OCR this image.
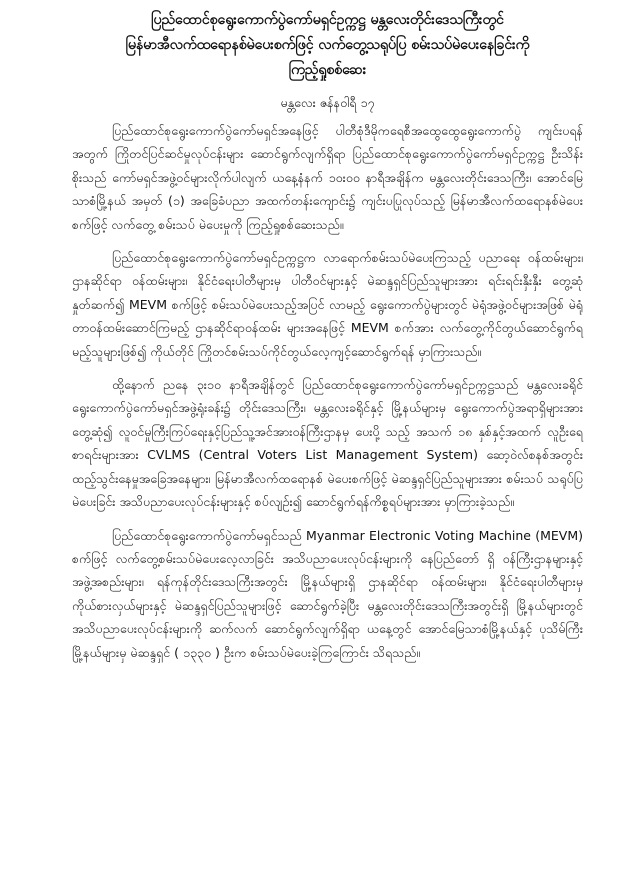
ပြည်ထောင်စုရွေးကောက်ပွဲကော်မရှင်ဥက္ကဋ္ဌ မန္တလေးတိုင်းဒေသကြီးတွင်

မြန်မာအီလက်ထရောနစ်မဲပေးစက်ဖြင့် လက်တွေ့သရုပ်ပြ စမ်းသပ်မဲပေးနေခြင်းကို

ကြည့်ရှုစစ်ဆေး

မန္တလေး ဇန်နဝါရီ ၁၇

ပြည်ထောင်စုရွေးကောက်ပွဲကော်မရှင်အနေဖြင့် ပါတီစုံဒီမိုကရေစီအထွေထွေရွေးကောက်ပွဲ ကျင်းပရန်အတွက် ကြိုတင်ပြင်ဆင်မှုလုပ်ငန်းများ ဆောင်ရွက်လျက်ရှိရာ ပြည်ထောင်စုရွေးကောက်ပွဲကော်မရှင်ဥက္ကဋ္ဌ ဦးသိန်းစိုးသည် ကော်မရှင်အဖွဲ့ဝင်များလိုက်ပါလျက် ယနေ့နံနက် ၁၀း၀၀ နာရီအချိန်က မန္တလေးတိုင်းဒေသကြီး၊ အောင်မြေသာစံမြို့နယ် အမှတ် (၁) အခြေခံပညာ အထက်တန်းကျောင်း၌ ကျင်းပပြုလုပ်သည့် မြန်မာအီလက်ထရောနစ်မဲပေးစက်ဖြင့် လက်တွေ့ စမ်းသပ် မဲပေးမှုကို ကြည့်ရှုစစ်ဆေးသည်။

ပြည်ထောင်စုရွေးကောက်ပွဲကော်မရှင်ဥက္ကဋ္ဌက လာရောက်စမ်းသပ်မဲပေးကြသည့် ပညာရေး ဝန်ထမ်းများ၊ ဌာနဆိုင်ရာ ဝန်ထမ်းများ၊ နိုင်ငံရေးပါတီများမှ ပါတီဝင်များနှင့် မဲဆန္ဒရှင်ပြည်သူများအား ရင်းရင်းနှီးနှီး တွေ့ဆုံနှုတ်ဆက်၍ MEVM စက်ဖြင့် စမ်းသပ်မဲပေးသည့်အပြင် လာမည့် ရွေးကောက်ပွဲများတွင် မဲရုံအဖွဲ့ဝင်များအဖြစ် မဲရုံတာဝန်ထမ်းဆောင်ကြမည့် ဌာနဆိုင်ရာဝန်ထမ်း များအနေဖြင့် MEVM စက်အား လက်တွေ့ကိုင်တွယ်ဆောင်ရွက်ရမည့်သူများဖြစ်၍ ကိုယ်တိုင် ကြိုတင်စမ်းသပ်ကိုင်တွယ်လေ့ကျင့်ဆောင်ရွက်ရန် မှာကြားသည်။

ထို့နောက် ညနေ ၃း၁၀ နာရီအချိန်တွင် ပြည်ထောင်စုရွေးကောက်ပွဲကော်မရှင်ဥက္ကဋ္ဌသည် မန္တလေးခရိုင် ရွေးကောက်ပွဲကော်မရှင်အဖွဲ့ရုံးခန်း၌ တိုင်းဒေသကြီး၊ မန္တလေးခရိုင်နှင့် မြို့နယ်များမှ ရွေးကောက်ပွဲအရာရှိများအား တွေ့ဆုံ၍ လူဝင်မှုကြီးကြပ်ရေးနှင့်ပြည်သူ့အင်အားဝန်ကြီးဌာနမှ ပေးပို့ သည့် အသက် ၁၈ နှစ်နှင့်အထက် လူဦးရေစာရင်းများအား CVLMS (Central Voters List Management System) ဆော့ဝဲလ်စနစ်အတွင်း ထည့်သွင်းနေမှုအခြေအနေများ၊ မြန်မာအီလက်ထရောနစ် မဲပေးစက်ဖြင့် မဲဆန္ဒရှင်ပြည်သူများအား စမ်းသပ် သရုပ်ပြမဲပေးခြင်း အသိပညာပေးလုပ်ငန်းများနှင့် စပ်လျဉ်း၍ ဆောင်ရွက်ရန်ကိစ္စရပ်များအား မှာကြားခဲ့သည်။

ပြည်ထောင်စုရွေးကောက်ပွဲကော်မရှင်သည် Myanmar Electronic Voting Machine (MEVM) စက်ဖြင့် လက်တွေ့စမ်းသပ်မဲပေးလေ့လာခြင်း အသိပညာပေးလုပ်ငန်းများကို နေပြည်တော် ရှိ ဝန်ကြီးဌာနများနှင့် အဖွဲ့အစည်းများ၊ ရန်ကုန်တိုင်းဒေသကြီးအတွင်း မြို့နယ်များရှိ ဌာနဆိုင်ရာ ဝန်ထမ်းများ၊ နိုင်ငံရေးပါတီများမှ ကိုယ်စားလှယ်များနှင့် မဲဆန္ဒရှင်ပြည်သူများဖြင့် ဆောင်ရွက်ခဲ့ပြီး မန္တလေးတိုင်းဒေသကြီးအတွင်းရှိ မြို့နယ်များတွင် အသိပညာပေးလုပ်ငန်းများကို ဆက်လက် ဆောင်ရွက်လျက်ရှိရာ ယနေ့တွင် အောင်မြေသာစံမြို့နယ်နှင့် ပုသိမ်ကြီးမြို့နယ်များမှ မဲဆန္ဒရှင် ( ၁၃၃၀ ) ဦးက စမ်းသပ်မဲပေးခဲ့ကြကြောင်း သိရသည်။
